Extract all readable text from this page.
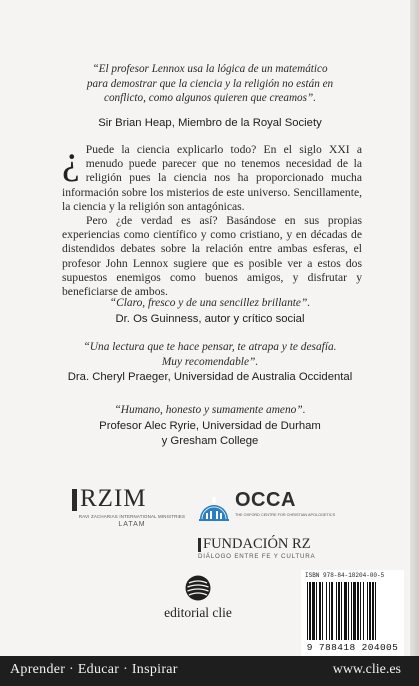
“El profesor Lennox usa la lógica de un matemático
para demostrar que la ciencia y la religión no están en
conflicto, como algunos quieren que creamos”.
Sir Brian Heap, Miembro de la Royal Society

¿ Puede la ciencia explicarlo todo? En el siglo XXI a menudo puede parecer que no tenemos necesidad de la religión pues la ciencia nos ha proporcionado mucha información sobre los misterios de este universo. Sencillamente, la ciencia y la religión son antagónicas.

Pero ¿de verdad es así? Basándose en sus propias experiencias como científico y como cristiano, y en décadas de distendidos debates sobre la relación entre ambas esferas, el profesor John Lennox sugiere que es posible ver a estos dos supuestos enemigos como buenos amigos, y disfrutar y beneficiarse de ambos.

“Claro, fresco y de una sencillez brillante”.
Dr. Os Guinness, autor y crítico social
“Una lectura que te hace pensar, te atrapa y te desafía.
Muy recomendable”.
Dra. Cheryl Praeger, Universidad de Australia Occidental
“Humano, honesto y sumamente ameno”.
Profesor Alec Ryrie, Universidad de Durham
y Gresham College
RZIM
RAVI ZACHARIAS INTERNATIONAL MINISTRIES
LATAM
OCCA
THE OXFORD CENTRE FOR CHRISTIAN APOLOGETICS
FUNDACIÓN RZ
DIÁLOGO ENTRE FE Y CULTURA
editorial clie
ISBN 978-84-18204-00-5
9 788418 204005
Aprender · Educar · Inspirar	www.clie.es
